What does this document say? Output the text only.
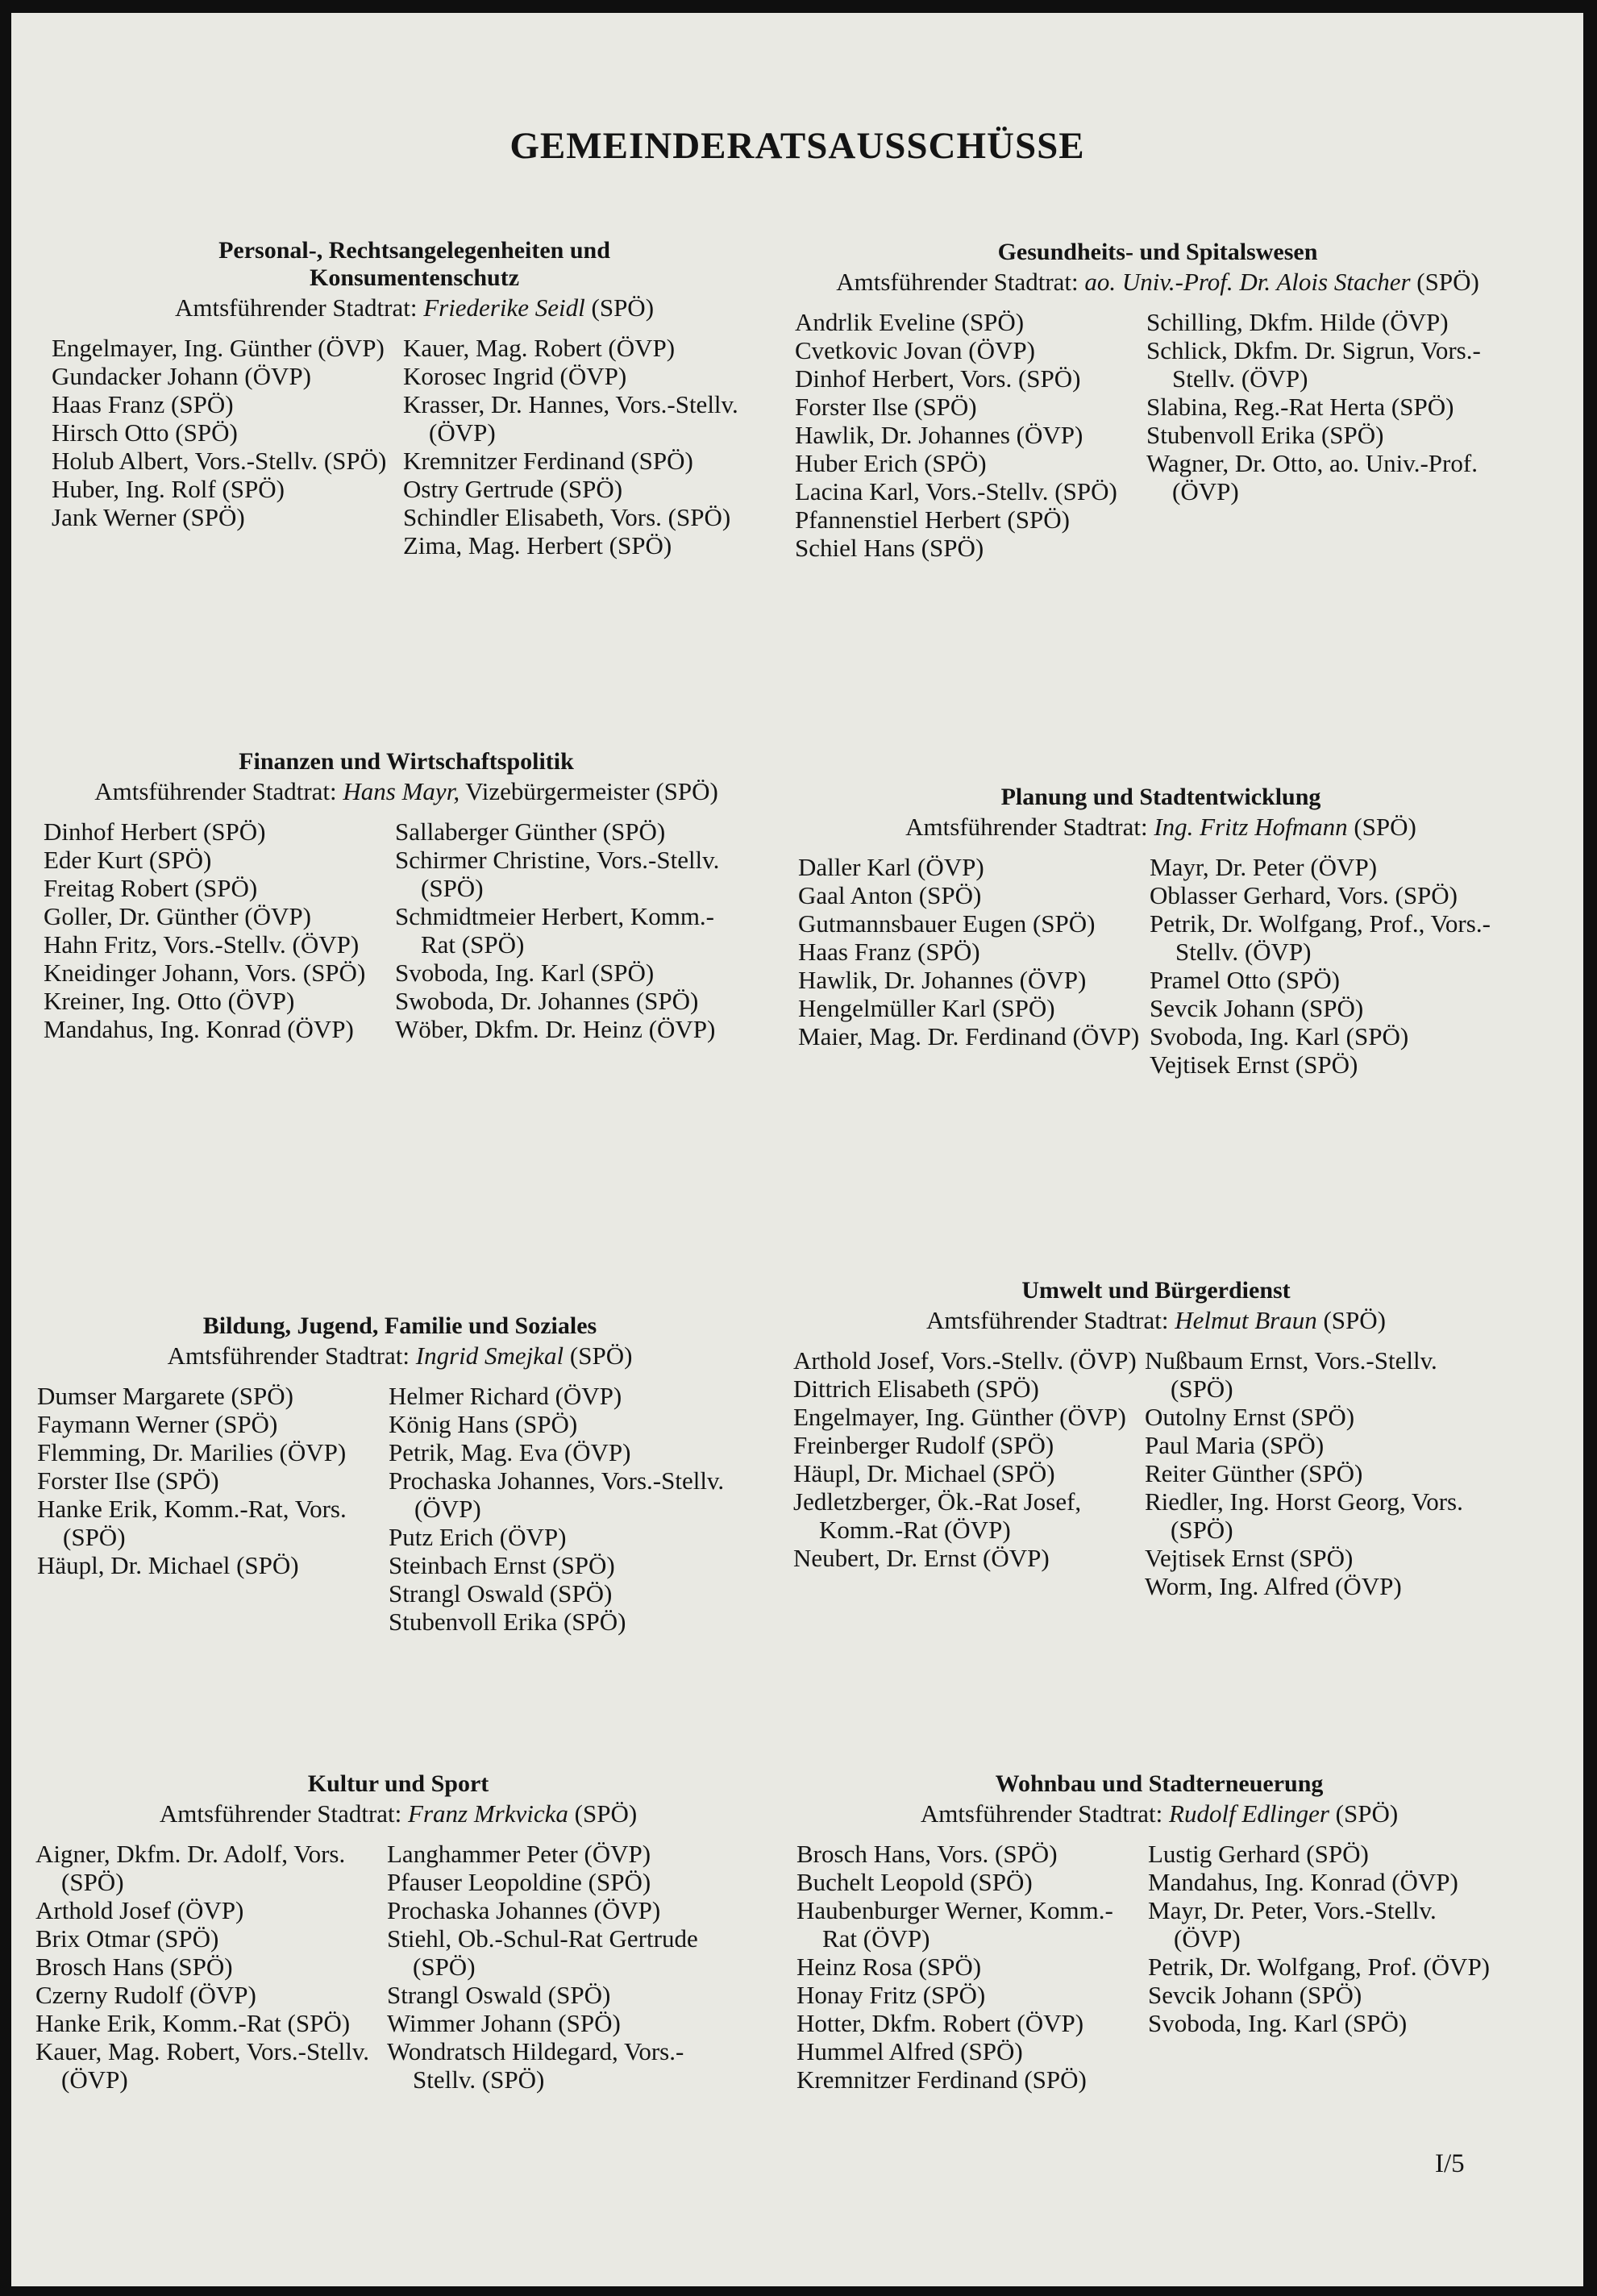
GEMEINDERATSAUSSCHÜSSE
Personal-, Rechtsangelegenheiten und
Konsumentenschutz
Amtsführender Stadtrat: Friederike Seidl (SPÖ)
Engelmayer, Ing. Günther (ÖVP)
Gundacker Johann (ÖVP)
Haas Franz (SPÖ)
Hirsch Otto (SPÖ)
Holub Albert, Vors.-Stellv. (SPÖ)
Huber, Ing. Rolf (SPÖ)
Jank Werner (SPÖ)
Kauer, Mag. Robert (ÖVP)
Korosec Ingrid (ÖVP)
Krasser, Dr. Hannes, Vors.-Stellv. (ÖVP)
Kremnitzer Ferdinand (SPÖ)
Ostry Gertrude (SPÖ)
Schindler Elisabeth, Vors. (SPÖ)
Zima, Mag. Herbert (SPÖ)
Gesundheits- und Spitalswesen
Amtsführender Stadtrat: ao. Univ.-Prof. Dr. Alois Stacher (SPÖ)
Andrlik Eveline (SPÖ)
Cvetkovic Jovan (ÖVP)
Dinhof Herbert, Vors. (SPÖ)
Forster Ilse (SPÖ)
Hawlik, Dr. Johannes (ÖVP)
Huber Erich (SPÖ)
Lacina Karl, Vors.-Stellv. (SPÖ)
Pfannenstiel Herbert (SPÖ)
Schiel Hans (SPÖ)
Schilling, Dkfm. Hilde (ÖVP)
Schlick, Dkfm. Dr. Sigrun, Vors.-Stellv. (ÖVP)
Slabina, Reg.-Rat Herta (SPÖ)
Stubenvoll Erika (SPÖ)
Wagner, Dr. Otto, ao. Univ.-Prof. (ÖVP)
Finanzen und Wirtschaftspolitik
Amtsführender Stadtrat: Hans Mayr, Vizebürgermeister (SPÖ)
Dinhof Herbert (SPÖ)
Eder Kurt (SPÖ)
Freitag Robert (SPÖ)
Goller, Dr. Günther (ÖVP)
Hahn Fritz, Vors.-Stellv. (ÖVP)
Kneidinger Johann, Vors. (SPÖ)
Kreiner, Ing. Otto (ÖVP)
Mandahus, Ing. Konrad (ÖVP)
Sallaberger Günther (SPÖ)
Schirmer Christine, Vors.-Stellv. (SPÖ)
Schmidtmeier Herbert, Komm.-Rat (SPÖ)
Svoboda, Ing. Karl (SPÖ)
Swoboda, Dr. Johannes (SPÖ)
Wöber, Dkfm. Dr. Heinz (ÖVP)
Planung und Stadtentwicklung
Amtsführender Stadtrat: Ing. Fritz Hofmann (SPÖ)
Daller Karl (ÖVP)
Gaal Anton (SPÖ)
Gutmannsbauer Eugen (SPÖ)
Haas Franz (SPÖ)
Hawlik, Dr. Johannes (ÖVP)
Hengelmüller Karl (SPÖ)
Maier, Mag. Dr. Ferdinand (ÖVP)
Mayr, Dr. Peter (ÖVP)
Oblasser Gerhard, Vors. (SPÖ)
Petrik, Dr. Wolfgang, Prof., Vors.-Stellv. (ÖVP)
Pramel Otto (SPÖ)
Sevcik Johann (SPÖ)
Svoboda, Ing. Karl (SPÖ)
Vejtisek Ernst (SPÖ)
Bildung, Jugend, Familie und Soziales
Amtsführender Stadtrat: Ingrid Smejkal (SPÖ)
Dumser Margarete (SPÖ)
Faymann Werner (SPÖ)
Flemming, Dr. Marilies (ÖVP)
Forster Ilse (SPÖ)
Hanke Erik, Komm.-Rat, Vors. (SPÖ)
Häupl, Dr. Michael (SPÖ)
Helmer Richard (ÖVP)
König Hans (SPÖ)
Petrik, Mag. Eva (ÖVP)
Prochaska Johannes, Vors.-Stellv. (ÖVP)
Putz Erich (ÖVP)
Steinbach Ernst (SPÖ)
Strangl Oswald (SPÖ)
Stubenvoll Erika (SPÖ)
Umwelt und Bürgerdienst
Amtsführender Stadtrat: Helmut Braun (SPÖ)
Arthold Josef, Vors.-Stellv. (ÖVP)
Dittrich Elisabeth (SPÖ)
Engelmayer, Ing. Günther (ÖVP)
Freinberger Rudolf (SPÖ)
Häupl, Dr. Michael (SPÖ)
Jedletzberger, Ök.-Rat Josef, Komm.-Rat (ÖVP)
Neubert, Dr. Ernst (ÖVP)
Nußbaum Ernst, Vors.-Stellv. (SPÖ)
Outolny Ernst (SPÖ)
Paul Maria (SPÖ)
Reiter Günther (SPÖ)
Riedler, Ing. Horst Georg, Vors. (SPÖ)
Vejtisek Ernst (SPÖ)
Worm, Ing. Alfred (ÖVP)
Kultur und Sport
Amtsführender Stadtrat: Franz Mrkvicka (SPÖ)
Aigner, Dkfm. Dr. Adolf, Vors. (SPÖ)
Arthold Josef (ÖVP)
Brix Otmar (SPÖ)
Brosch Hans (SPÖ)
Czerny Rudolf (ÖVP)
Hanke Erik, Komm.-Rat (SPÖ)
Kauer, Mag. Robert, Vors.-Stellv. (ÖVP)
Langhammer Peter (ÖVP)
Pfauser Leopoldine (SPÖ)
Prochaska Johannes (ÖVP)
Stiehl, Ob.-Schul-Rat Gertrude (SPÖ)
Strangl Oswald (SPÖ)
Wimmer Johann (SPÖ)
Wondratsch Hildegard, Vors.-Stellv. (SPÖ)
Wohnbau und Stadterneuerung
Amtsführender Stadtrat: Rudolf Edlinger (SPÖ)
Brosch Hans, Vors. (SPÖ)
Buchelt Leopold (SPÖ)
Haubenburger Werner, Komm.-Rat (ÖVP)
Heinz Rosa (SPÖ)
Honay Fritz (SPÖ)
Hotter, Dkfm. Robert (ÖVP)
Hummel Alfred (SPÖ)
Kremnitzer Ferdinand (SPÖ)
Lustig Gerhard (SPÖ)
Mandahus, Ing. Konrad (ÖVP)
Mayr, Dr. Peter, Vors.-Stellv. (ÖVP)
Petrik, Dr. Wolfgang, Prof. (ÖVP)
Sevcik Johann (SPÖ)
Svoboda, Ing. Karl (SPÖ)

I/5
